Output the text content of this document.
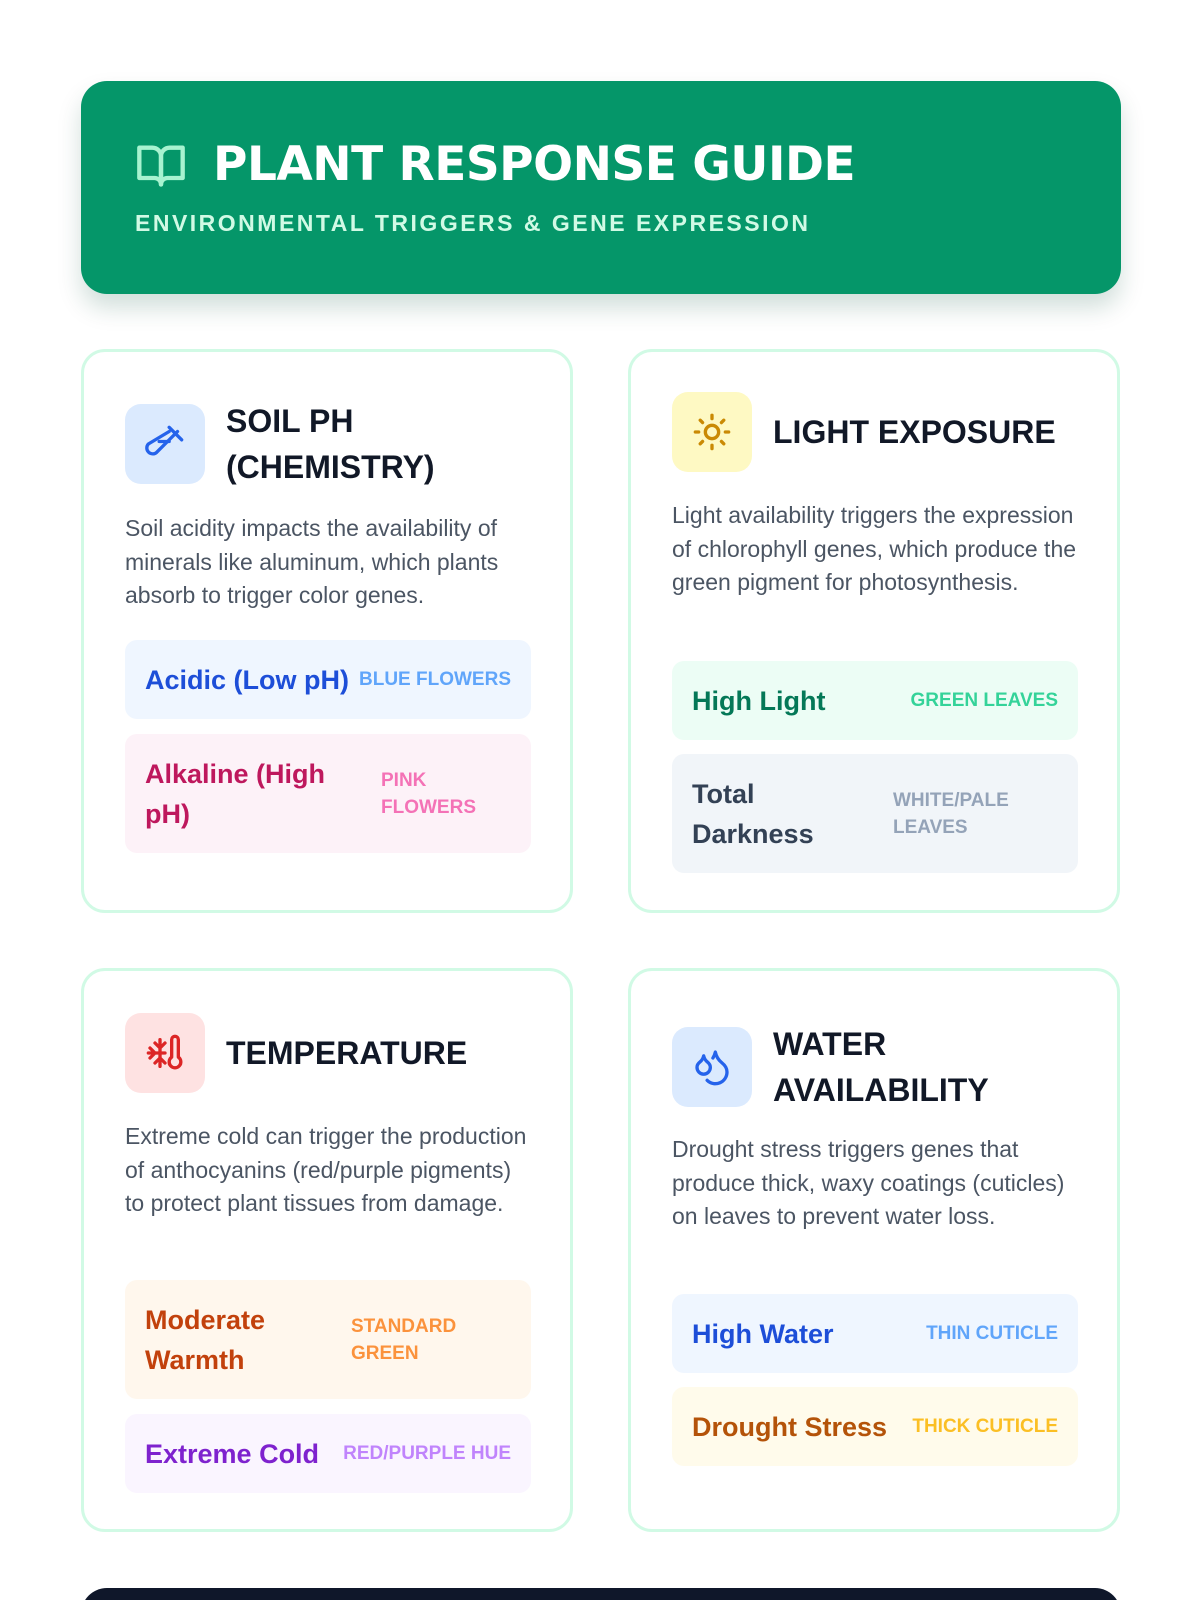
PLANT RESPONSE GUIDE
ENVIRONMENTAL TRIGGERS & GENE EXPRESSION
SOIL PH (CHEMISTRY)
Soil acidity impacts the availability of minerals like aluminum, which plants absorb to trigger color genes.
Acidic (Low pH) BLUE FLOWERS
Alkaline (High pH)
PINK FLOWERS
LIGHT EXPOSURE
Light availability triggers the expression of chlorophyll genes, which produce the green pigment for photosynthesis.
High Light	GREEN LEAVES
Total Darkness
WHITE/PALE LEAVES
TEMPERATURE
Extreme cold can trigger the production of anthocyanins (red/purple pigments) to protect plant tissues from damage.
Moderate Warmth
STANDARD GREEN
Extreme Cold RED/PURPLE HUE
WATER AVAILABILITY
Drought stress triggers genes that produce thick, waxy coatings (cuticles) on leaves to prevent water loss.
High Water	THIN CUTICLE
Drought Stress THICK CUTICLE
